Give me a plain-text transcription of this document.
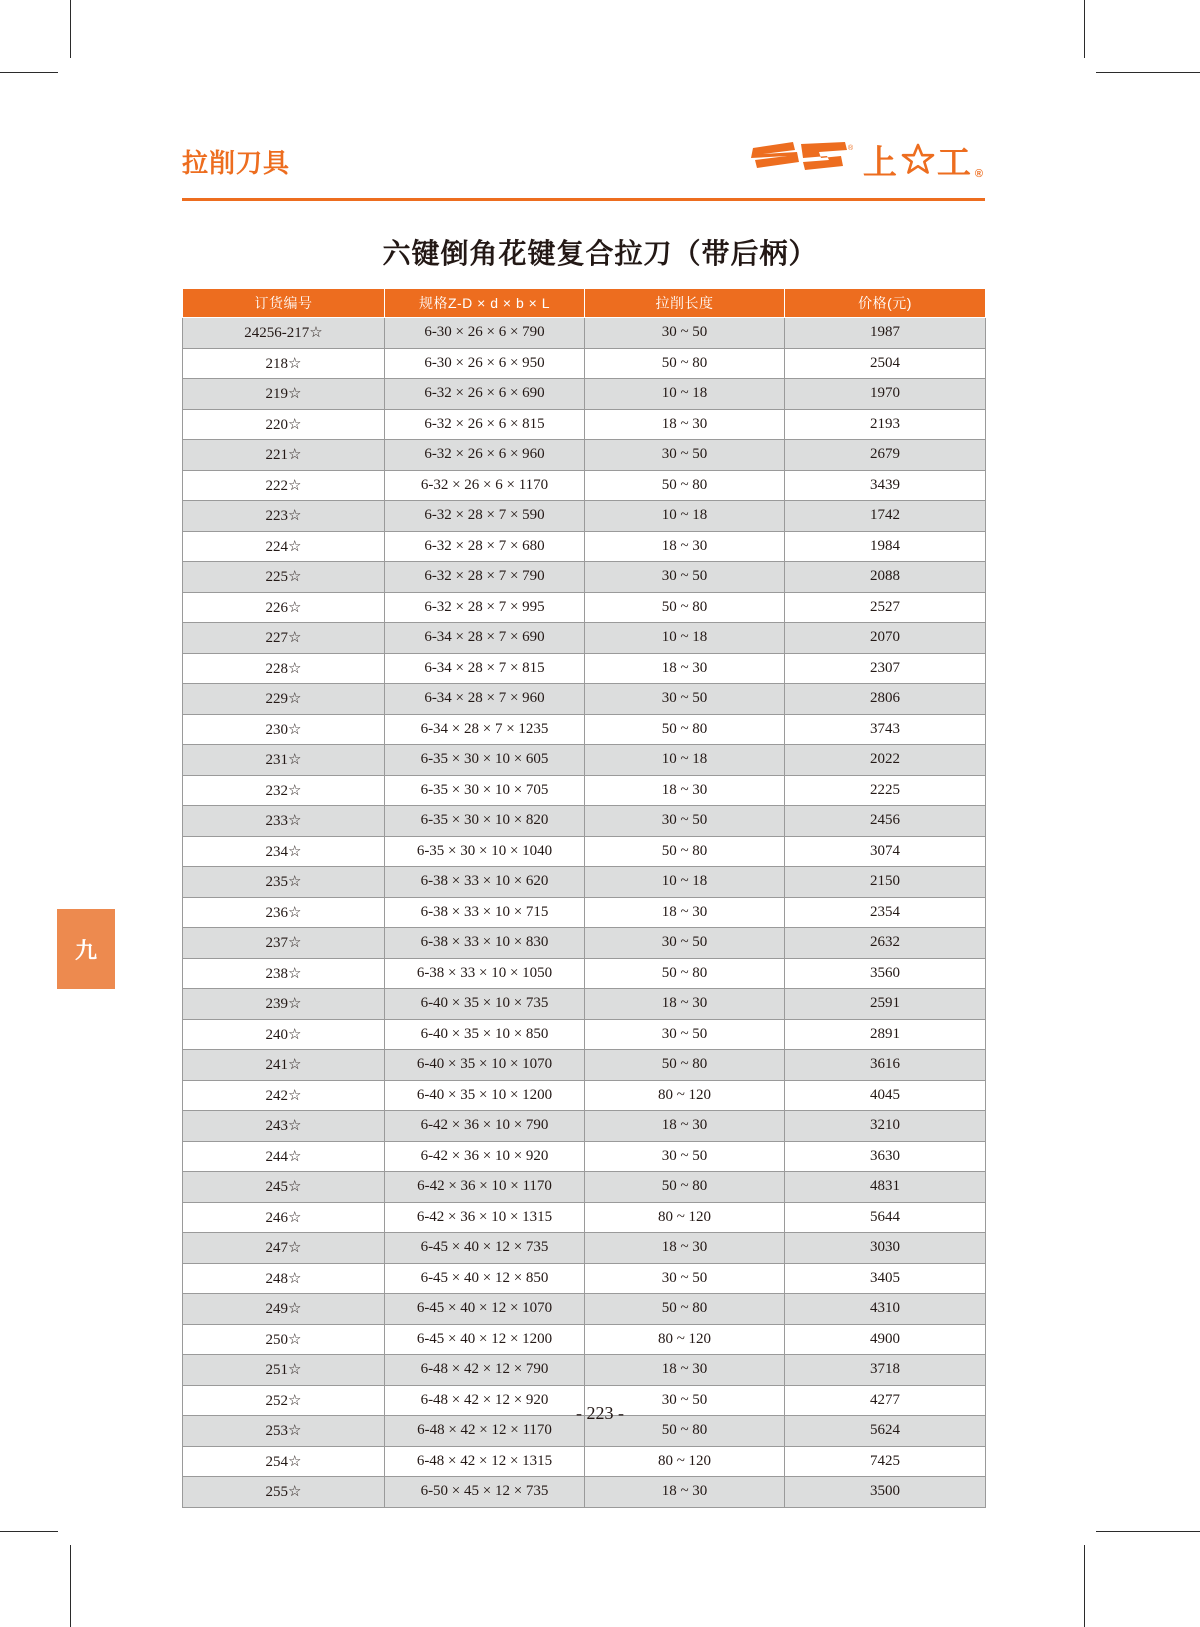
拉削刀具	® 上 工 ®
六键倒角花键复合拉刀（带后柄）
九
订货编号	规格Z-D × d × b × L	拉削长度	价格(元)
24256-217☆	6-30 × 26 × 6 × 790	30 ~ 50	1987
218☆	6-30 × 26 × 6 × 950	50 ~ 80	2504
219☆	6-32 × 26 × 6 × 690	10 ~ 18	1970
220☆	6-32 × 26 × 6 × 815	18 ~ 30	2193
221☆	6-32 × 26 × 6 × 960	30 ~ 50	2679
222☆	6-32 × 26 × 6 × 1170	50 ~ 80	3439
223☆	6-32 × 28 × 7 × 590	10 ~ 18	1742
224☆	6-32 × 28 × 7 × 680	18 ~ 30	1984
225☆	6-32 × 28 × 7 × 790	30 ~ 50	2088
226☆	6-32 × 28 × 7 × 995	50 ~ 80	2527
227☆	6-34 × 28 × 7 × 690	10 ~ 18	2070
228☆	6-34 × 28 × 7 × 815	18 ~ 30	2307
229☆	6-34 × 28 × 7 × 960	30 ~ 50	2806
230☆	6-34 × 28 × 7 × 1235	50 ~ 80	3743
231☆	6-35 × 30 × 10 × 605	10 ~ 18	2022
232☆	6-35 × 30 × 10 × 705	18 ~ 30	2225
233☆	6-35 × 30 × 10 × 820	30 ~ 50	2456
234☆	6-35 × 30 × 10 × 1040	50 ~ 80	3074
235☆	6-38 × 33 × 10 × 620	10 ~ 18	2150
236☆	6-38 × 33 × 10 × 715	18 ~ 30	2354
237☆	6-38 × 33 × 10 × 830	30 ~ 50	2632
238☆	6-38 × 33 × 10 × 1050	50 ~ 80	3560
239☆	6-40 × 35 × 10 × 735	18 ~ 30	2591
240☆	6-40 × 35 × 10 × 850	30 ~ 50	2891
241☆	6-40 × 35 × 10 × 1070	50 ~ 80	3616
242☆	6-40 × 35 × 10 × 1200	80 ~ 120	4045
243☆	6-42 × 36 × 10 × 790	18 ~ 30	3210
244☆	6-42 × 36 × 10 × 920	30 ~ 50	3630
245☆	6-42 × 36 × 10 × 1170	50 ~ 80	4831
246☆	6-42 × 36 × 10 × 1315	80 ~ 120	5644
247☆	6-45 × 40 × 12 × 735	18 ~ 30	3030
248☆	6-45 × 40 × 12 × 850	30 ~ 50	3405
249☆	6-45 × 40 × 12 × 1070	50 ~ 80	4310
250☆	6-45 × 40 × 12 × 1200	80 ~ 120	4900
251☆	6-48 × 42 × 12 × 790	18 ~ 30	3718
252☆	6-48 × 42 × 12 × 920	30 ~ 50	4277
253☆	6-48 × 42 × 12 × 1170	50 ~ 80	5624
254☆	6-48 × 42 × 12 × 1315	80 ~ 120	7425
255☆	6-50 × 45 × 12 × 735	18 ~ 30	3500
- 223 -
